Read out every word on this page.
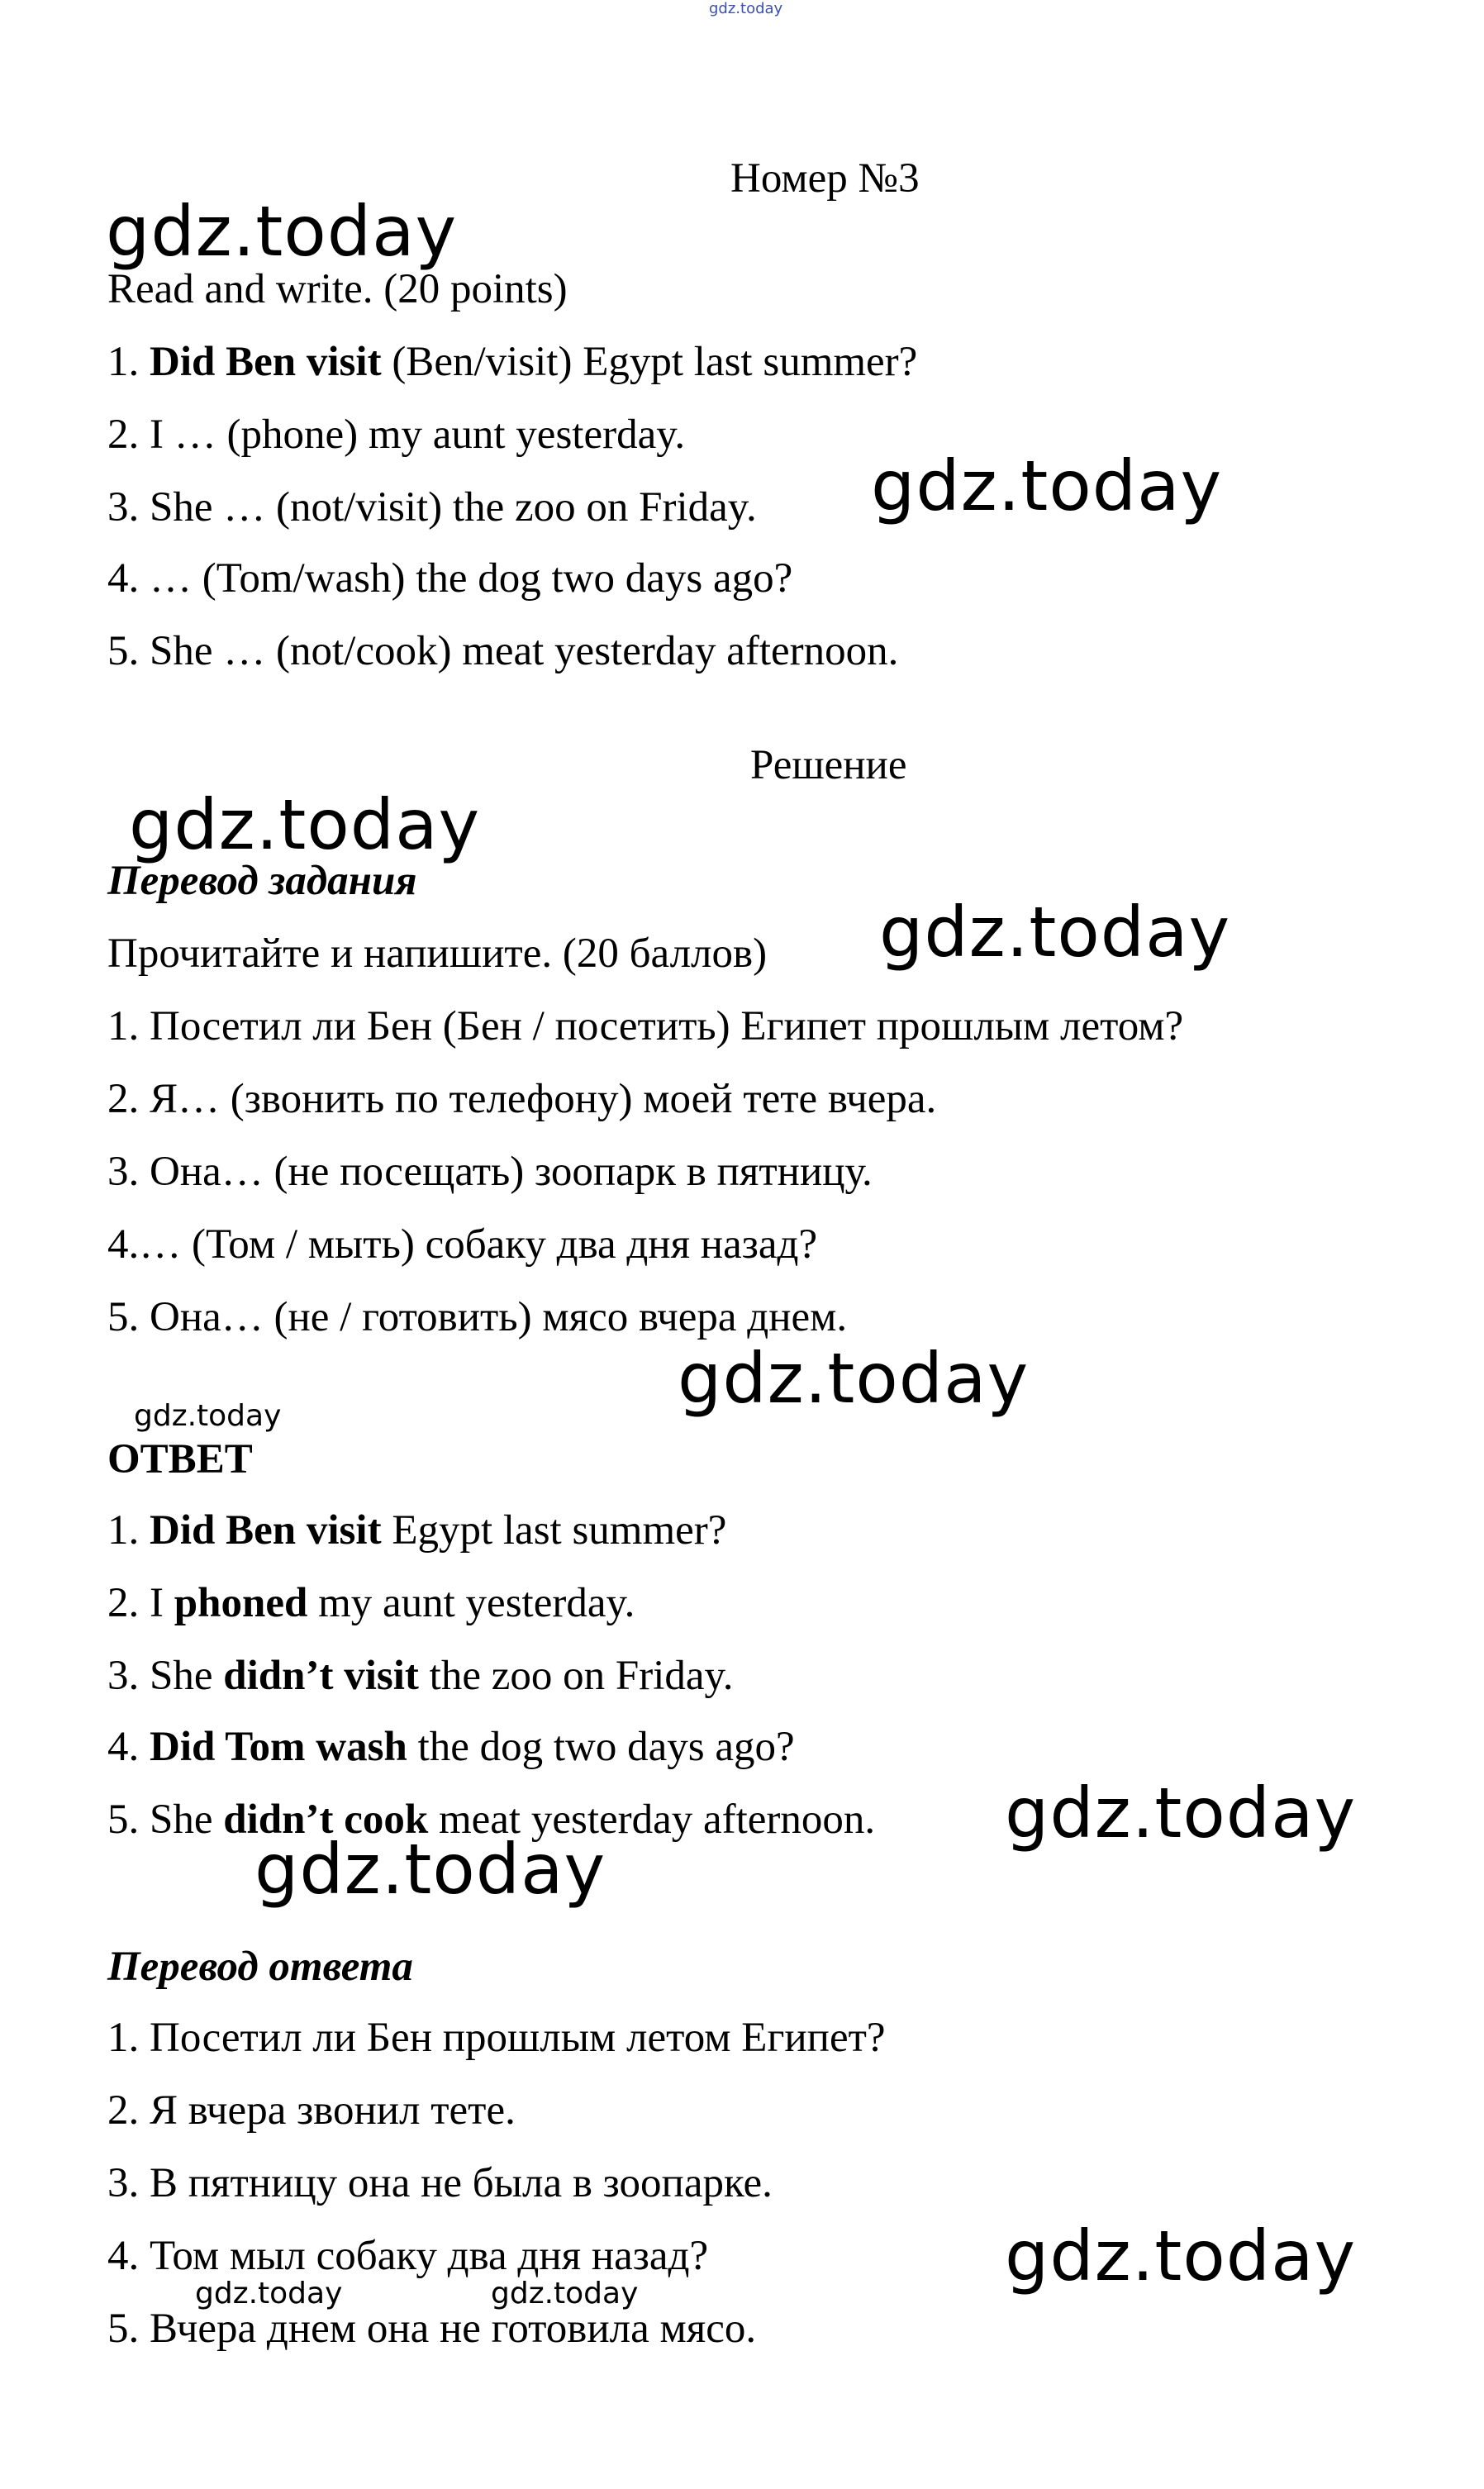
gdz.today
Номер №3
gdz.today
Read and write. (20 points)
1. Did Ben visit (Ben/visit) Egypt last summer?
2. I … (phone) my aunt yesterday.
3. She … (not/visit) the zoo on Friday. gdz.today
4. … (Tom/wash) the dog two days ago?
5. She … (not/cook) meat yesterday afternoon.
Решение
gdz.today
Перевод задания
Прочитайте и напишите. (20 баллов) gdz.today
1. Посетил ли Бен (Бен / посетить) Египет прошлым летом?
2. Я… (звонить по телефону) моей тете вчера.
3. Она… (не посещать) зоопарк в пятницу.
4.… (Том / мыть) собаку два дня назад?
5. Она… (не / готовить) мясо вчера днем.
gdz.today
gdz.today
ОТВЕТ
1. Did Ben visit Egypt last summer?
2. I phoned my aunt yesterday.
3. She didn’t visit the zoo on Friday.
4. Did Tom wash the dog two days ago?
5. She didn’t cook meat yesterday afternoon. gdz.today
gdz.today
Перевод ответа
1. Посетил ли Бен прошлым летом Египет?
2. Я вчера звонил тете.
3. В пятницу она не была в зоопарке.
4. Том мыл собаку два дня назад?	gdz.today
gdz.today	gdz.today
5. Вчера днем она не готовила мясо.
